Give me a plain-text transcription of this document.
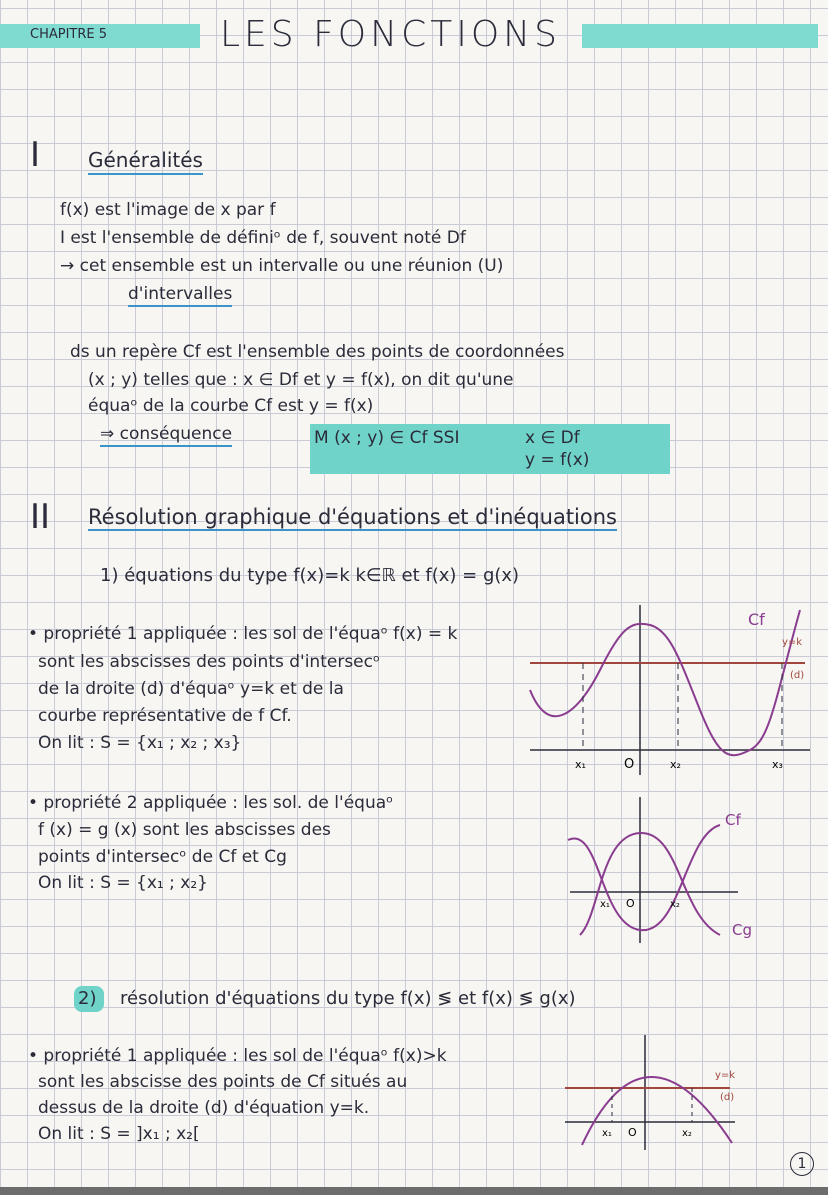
CHAPITRE 5	LES FONCTIONS
I Généralités
f(x) est l'image de x par f
I est l'ensemble de définiᵒ de f, souvent noté Df
→ cet ensemble est un intervalle ou une réunion (U)
d'intervalles
ds un repère Cf est l'ensemble des points de coordonnées
(x ; y) telles que : x ∈ Df et y = f(x), on dit qu'une
équaᵒ de la courbe Cf est y = f(x)
⇒ conséquence	M (x ; y) ∈ Cf SSI	x ∈ Df
y = f(x)
II Résolution graphique d'équations et d'inéquations
1) équations du type f(x)=k k∈ℝ et f(x) = g(x)
• propriété 1 appliquée : les sol de l'équaᵒ f(x) = k
sont les abscisses des points d'intersecᵒ
de la droite (d) d'équaᵒ y=k et de la
courbe représentative de f Cf.
On lit : S = {x₁ ; x₂ ; x₃}
Cf
y=k
(d)
x₁	O	x₂	x₃
• propriété 2 appliquée : les sol. de l'équaᵒ
f (x) = g (x) sont les abscisses des
points d'intersecᵒ de Cf et Cg
On lit : S = {x₁ ; x₂}
Cf
Cg
x₁ O	x₂
2) résolution d'équations du type f(x) ≶ et f(x) ≶ g(x)
• propriété 1 appliquée : les sol de l'équaᵒ f(x)>k
sont les abscisse des points de Cf situés au
dessus de la droite (d) d'équation y=k.
On lit : S = ]x₁ ; x₂[
y=k
(d)
x₁ O	x₂
1
